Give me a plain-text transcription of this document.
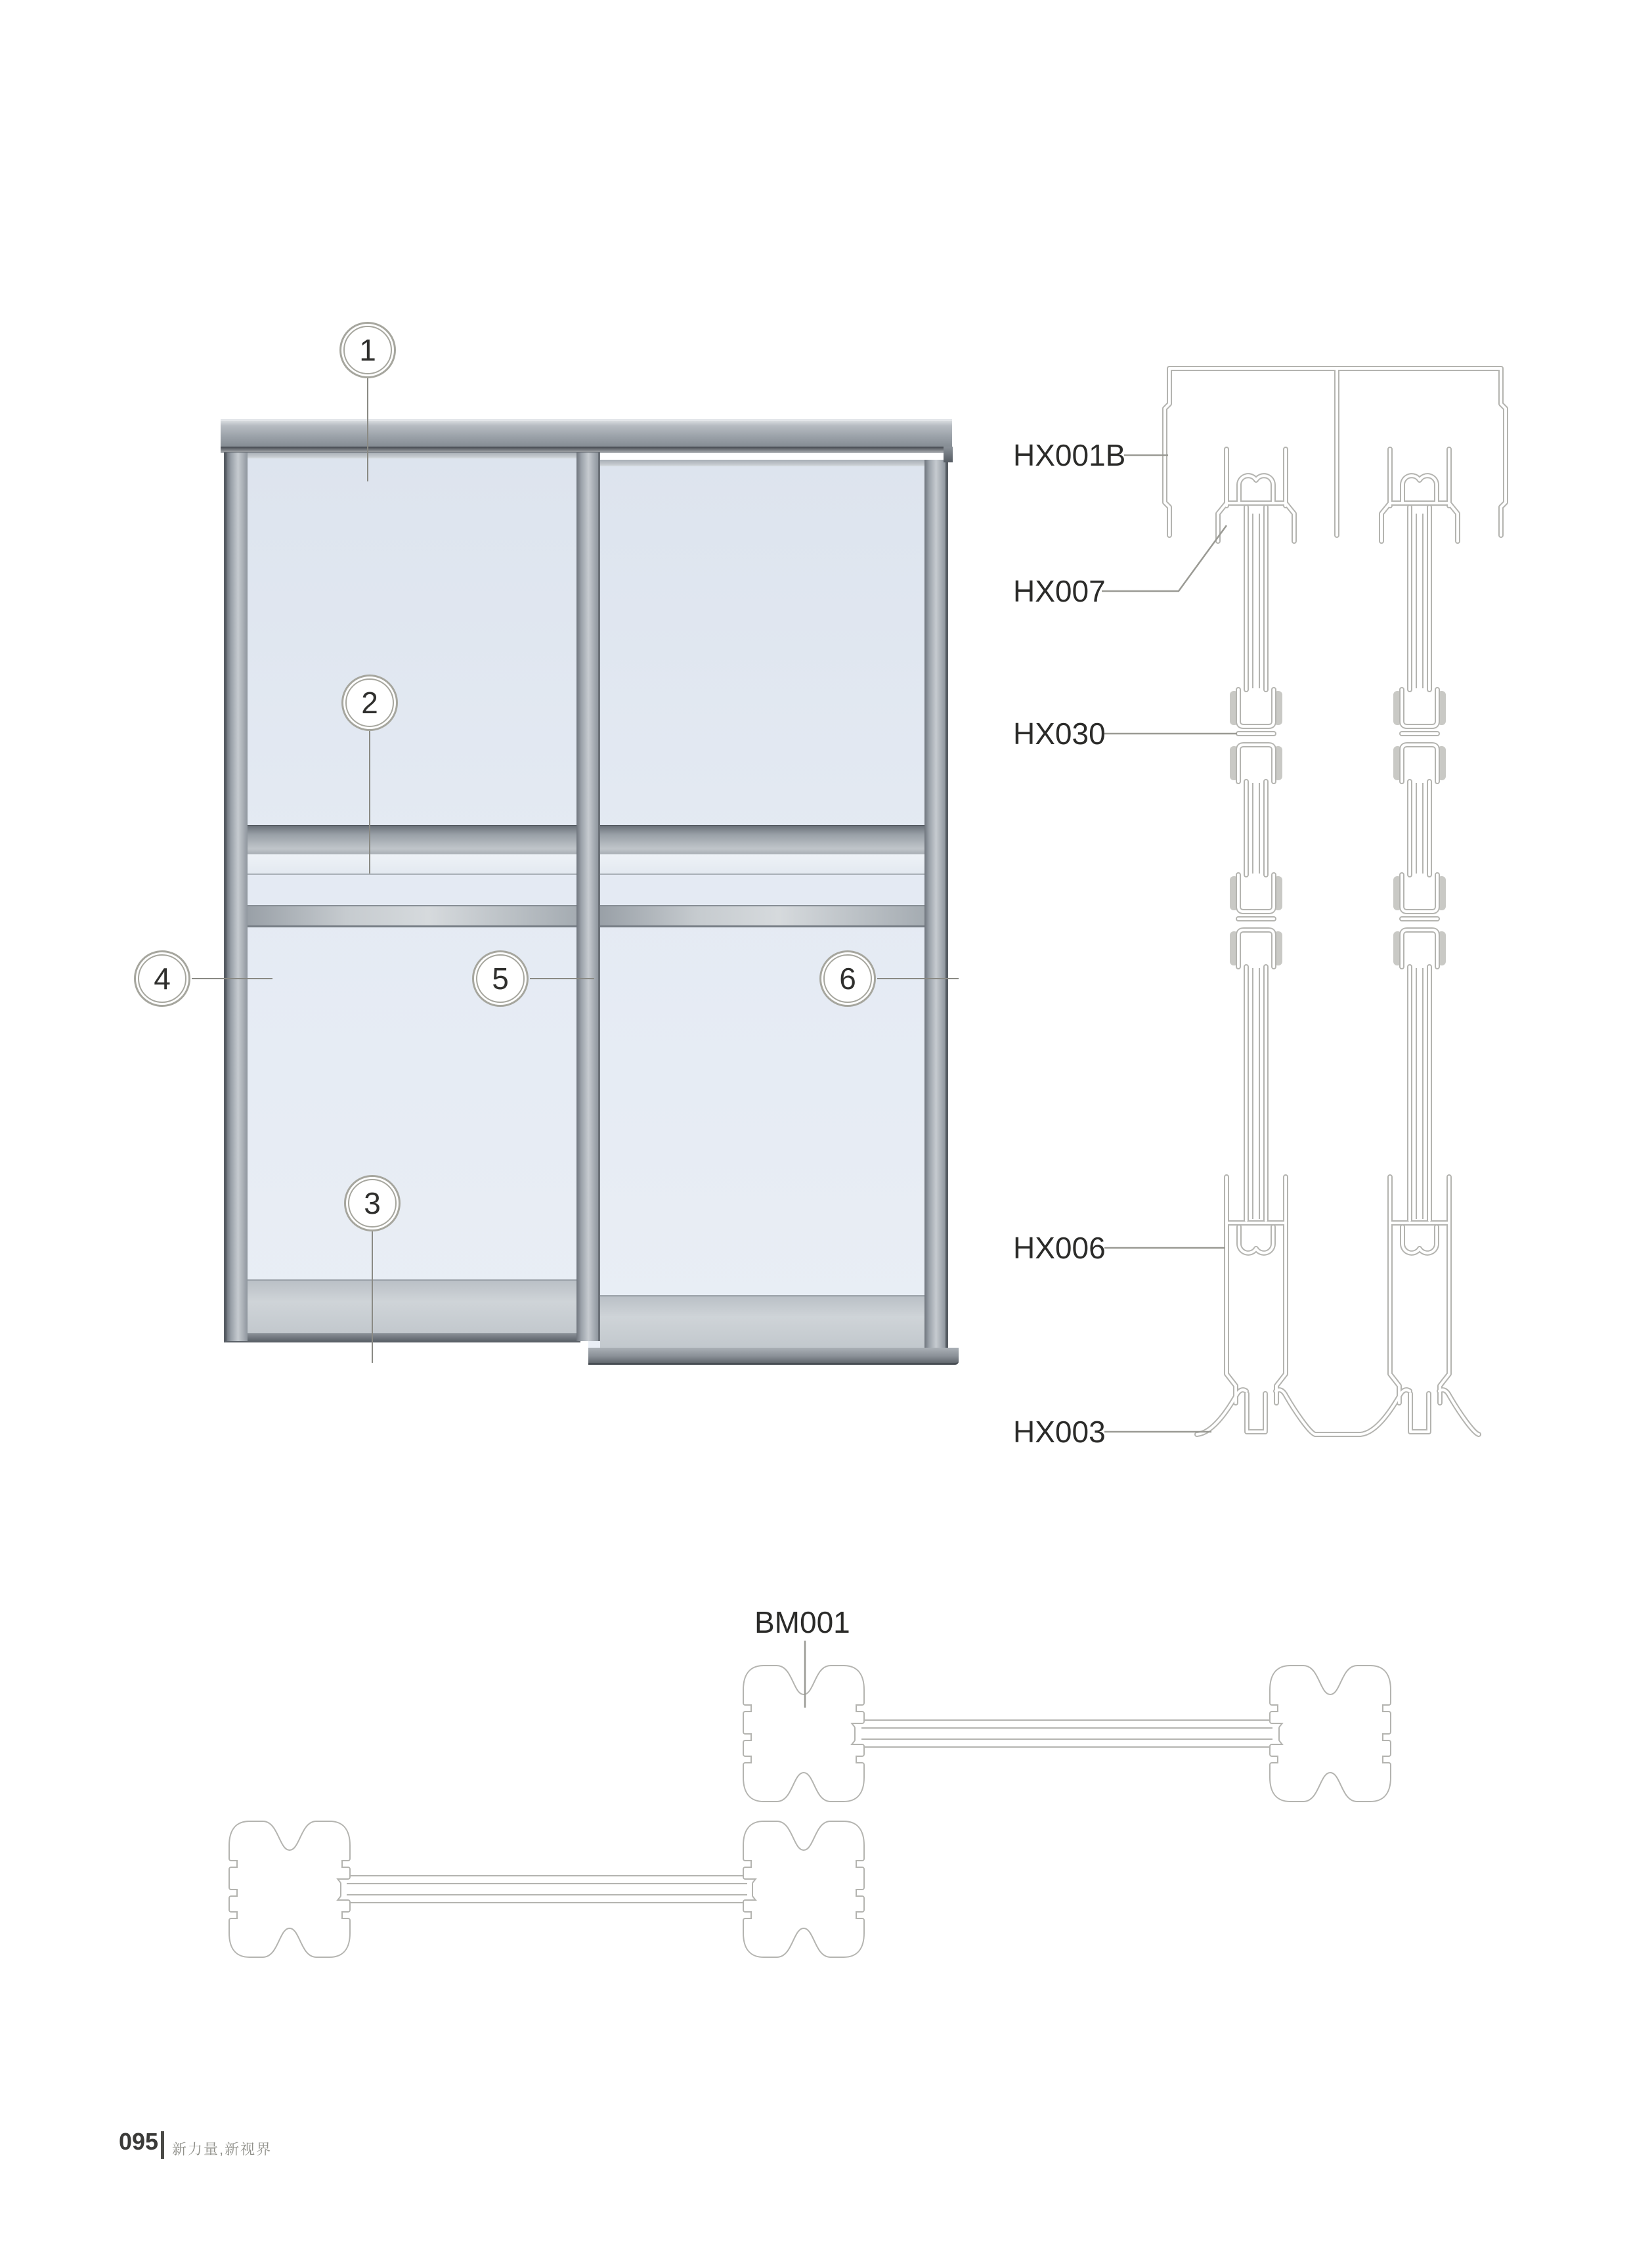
1
2
3
4	5	6
HX001B
HX007
HX030
HX006
HX003
BM001
095 新力量,新视界
